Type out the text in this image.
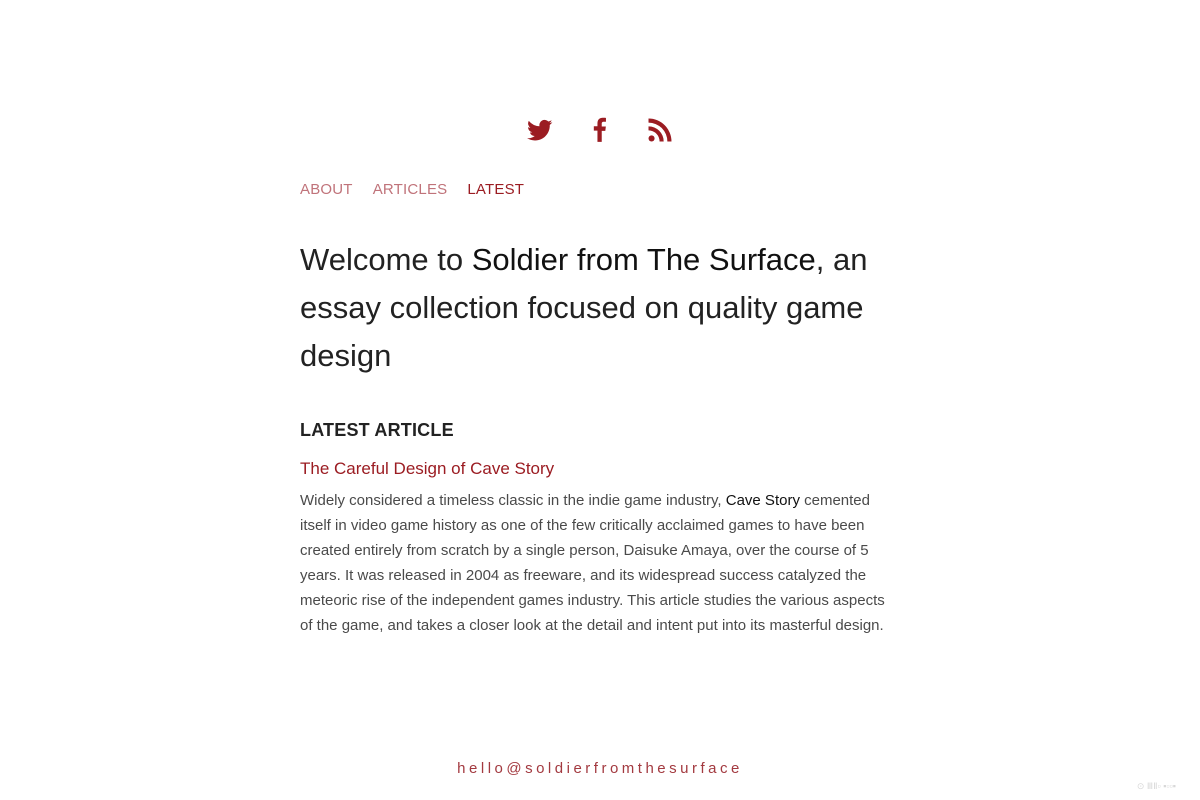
ABOUT ARTICLES LATEST
Welcome to Soldier from The Surface, an essay collection focused on quality game design
LATEST ARTICLE
The Careful Design of Cave Story

Widely considered a timeless classic in the indie game industry, Cave Story cemented itself in video game history as one of the few critically acclaimed games to have been created entirely from scratch by a single person, Daisuke Amaya, over the course of 5 years. It was released in 2004 as freeware, and its widespread success catalyzed the meteoric rise of the independent games industry. This article studies the various aspects of the game, and takes a closer look at the detail and intent put into its masterful design.

hello@soldierfromthesurface
⊙ ⅢⅡ▫ ▪▫▫▪
